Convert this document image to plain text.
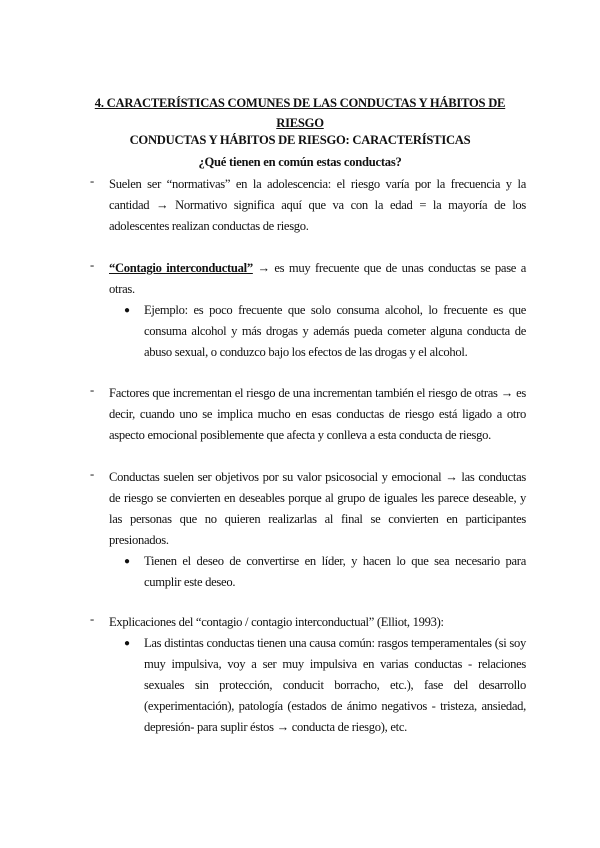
4. CARACTERÍSTICAS COMUNES DE LAS CONDUCTAS Y HÁBITOS DE RIESGO
CONDUCTAS Y HÁBITOS DE RIESGO: CARACTERÍSTICAS
¿Qué tienen en común estas conductas?
-	Suelen ser “normativas” en la adolescencia: el riesgo varía por la frecuencia y la cantidad → Normativo significa aquí que va con la edad = la mayoría de los adolescentes realizan conductas de riesgo.
-	“Contagio interconductual” → es muy frecuente que de unas conductas se pase a otras.
● Ejemplo: es poco frecuente que solo consuma alcohol, lo frecuente es que consuma alcohol y más drogas y además pueda cometer alguna conducta de abuso sexual, o conduzco bajo los efectos de las drogas y el alcohol.
-	Factores que incrementan el riesgo de una incrementan también el riesgo de otras → es decir, cuando uno se implica mucho en esas conductas de riesgo está ligado a otro aspecto emocional posiblemente que afecta y conlleva a esta conducta de riesgo.
-	Conductas suelen ser objetivos por su valor psicosocial y emocional → las conductas de riesgo se convierten en deseables porque al grupo de iguales les parece deseable, y las personas que no quieren realizarlas al final se convierten en participantes presionados.
● Tienen el deseo de convertirse en líder, y hacen lo que sea necesario para cumplir este deseo.
-	Explicaciones del “contagio / contagio interconductual” (Elliot, 1993):
● Las distintas conductas tienen una causa común: rasgos temperamentales (si soy muy impulsiva, voy a ser muy impulsiva en varias conductas - relaciones sexuales sin protección, conducit borracho, etc.), fase del desarrollo (experimentación), patología (estados de ánimo negativos - tristeza, ansiedad, depresión- para suplir éstos → conducta de riesgo), etc.
